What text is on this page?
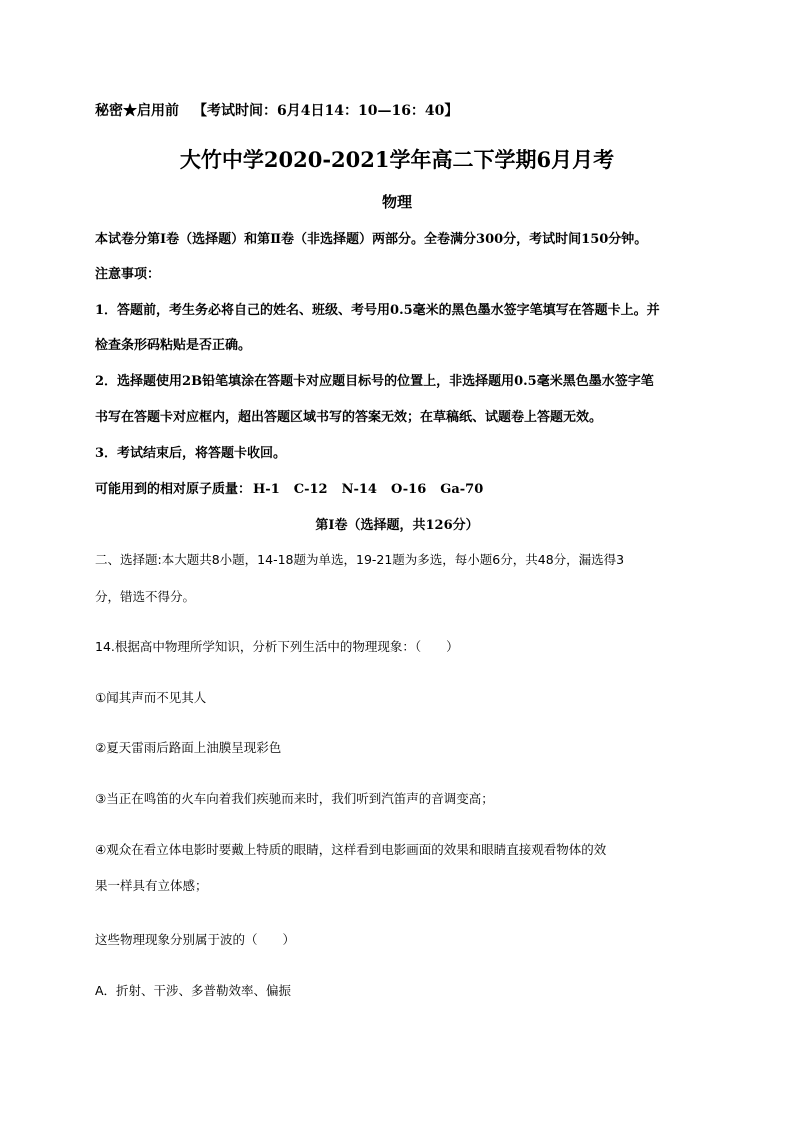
秘密★启用前 【考试时间：6月4日14：10—16：40】
大竹中学2020-2021学年高二下学期6月月考
物理
本试卷分第Ⅰ卷（选择题）和第Ⅱ卷（非选择题）两部分。全卷满分300分，考试时间150分钟。
注意事项：
1．答题前，考生务必将自己的姓名、班级、考号用0.5毫米的黑色墨水签字笔填写在答题卡上。并
检查条形码粘贴是否正确。
2．选择题使用2B铅笔填涂在答题卡对应题目标号的位置上，非选择题用0.5毫米黑色墨水签字笔
书写在答题卡对应框内，超出答题区域书写的答案无效；在草稿纸、试题卷上答题无效。
3．考试结束后，将答题卡收回。
可能用到的相对原子质量： H-1 C-12 N-14 O-16 Ga-70
第Ⅰ卷（选择题，共126分）
二、选择题:本大题共8小题，14-18题为单选，19-21题为多选，每小题6分，共48分，漏选得3
分，错选不得分。
14.根据高中物理所学知识，分析下列生活中的物理现象：（　　）
①闻其声而不见其人
②夏天雷雨后路面上油膜呈现彩色
③当正在鸣笛的火车向着我们疾驰而来时，我们听到汽笛声的音调变高；
④观众在看立体电影时要戴上特质的眼睛，这样看到电影画面的效果和眼睛直接观看物体的效
果一样具有立体感；
这些物理现象分别属于波的（　　）
A．折射、干涉、多普勒效率、偏振
